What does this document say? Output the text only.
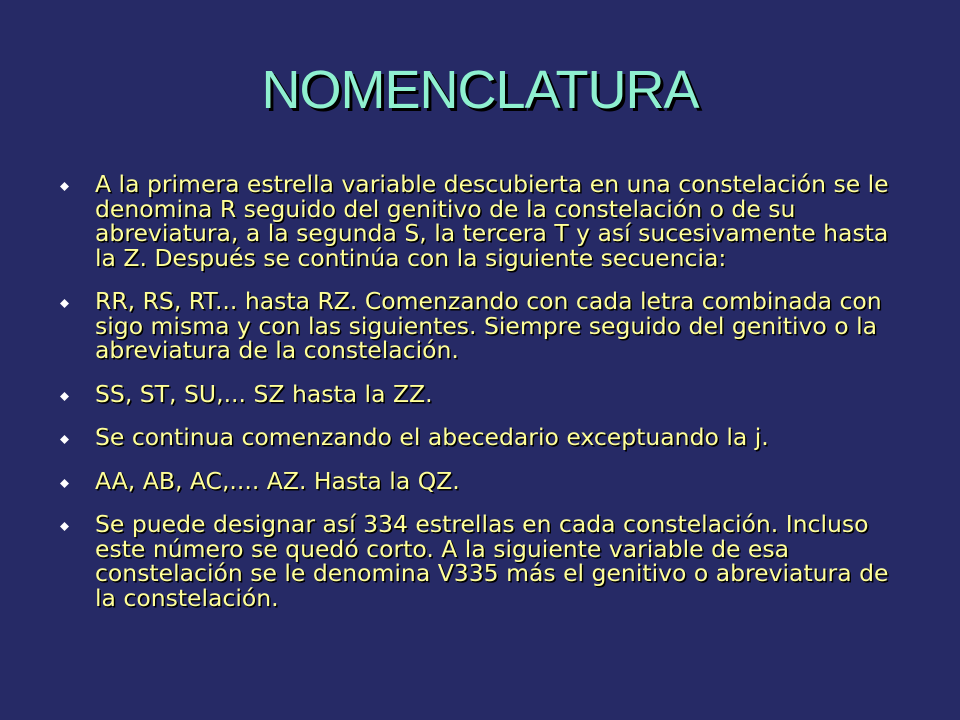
NOMENCLATURA
A la primera estrella variable descubierta en una constelación se le denomina R seguido del genitivo de la constelación o de su abreviatura, a la segunda S, la tercera T y así sucesivamente hasta la Z. Después se continúa con la siguiente secuencia:
RR, RS, RT... hasta RZ. Comenzando con cada letra combinada con sigo misma y con las siguientes. Siempre seguido del genitivo o la abreviatura de la constelación.
SS, ST, SU,... SZ hasta la ZZ.
Se continua comenzando el abecedario exceptuando la j.
AA, AB, AC,.... AZ. Hasta la QZ.
Se puede designar así 334 estrellas en cada constelación. Incluso este número se quedó corto. A la siguiente variable de esa constelación se le denomina V335 más el genitivo o abreviatura de la constelación.
